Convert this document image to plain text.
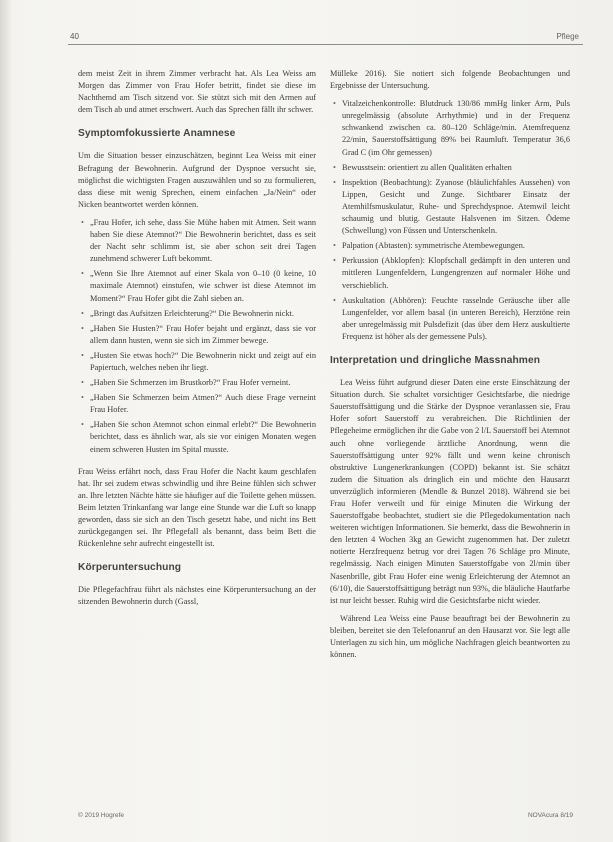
40	Pflege

dem meist Zeit in ihrem Zimmer verbracht hat. Als Lea Weiss am Morgen das Zimmer von Frau Hofer betritt, findet sie diese im Nachthemd am Tisch sitzend vor. Sie stützt sich mit den Armen auf dem Tisch ab und atmet erschwert. Auch das Sprechen fällt ihr schwer.

Symptomfokussierte Anamnese

Um die Situation besser einzuschätzen, beginnt Lea Weiss mit einer Befragung der Bewohnerin. Aufgrund der Dyspnoe versucht sie, möglichst die wichtigsten Fragen auszuwählen und so zu formulieren, dass diese mit wenig Sprechen, einem einfachen „Ja/Nein“ oder Nicken beantwortet werden können.

• „Frau Hofer, ich sehe, dass Sie Mühe haben mit Atmen. Seit wann haben Sie diese Atemnot?“ Die Bewohnerin berichtet, dass es seit der Nacht sehr schlimm ist, sie aber schon seit drei Tagen zunehmend schwerer Luft bekommt.
• „Wenn Sie Ihre Atemnot auf einer Skala von 0–10 (0 keine, 10 maximale Atemnot) einstufen, wie schwer ist diese Atemnot im Moment?“ Frau Hofer gibt die Zahl sieben an.
• „Bringt das Aufsitzen Erleichterung?“ Die Bewohnerin nickt.
• „Haben Sie Husten?“ Frau Hofer bejaht und ergänzt, dass sie vor allem dann husten, wenn sie sich im Zimmer bewege.
• „Husten Sie etwas hoch?“ Die Bewohnerin nickt und zeigt auf ein Papiertuch, welches neben ihr liegt.
• „Haben Sie Schmerzen im Brustkorb?“ Frau Hofer verneint.
• „Haben Sie Schmerzen beim Atmen?“ Auch diese Frage verneint Frau Hofer.
• „Haben Sie schon Atemnot schon einmal erlebt?“ Die Bewohnerin berichtet, dass es ähnlich war, als sie vor einigen Monaten wegen einem schweren Husten im Spital musste.

Frau Weiss erfährt noch, dass Frau Hofer die Nacht kaum geschlafen hat. Ihr sei zudem etwas schwindlig und ihre Beine fühlen sich schwer an. Ihre letzten Nächte hätte sie häufiger auf die Toilette gehen müssen. Beim letzten Trinkanfang war lange eine Stunde war die Luft so knapp geworden, dass sie sich an den Tisch gesetzt habe, und nicht ins Bett zurückgegangen sei. Ihr Pflegefall als benannt, dass beim Bett die Rückenlehne sehr aufrecht eingestellt ist.

Körperuntersuchung

Die Pflegefachfrau führt als nächstes eine Körperuntersuchung an der sitzenden Bewohnerin durch (Gassl,

Mülleke 2016). Sie notiert sich folgende Beobachtungen und Ergebnisse der Untersuchung.

• Vitalzeichenkontrolle: Blutdruck 130/86 mmHg linker Arm, Puls unregelmässig (absolute Arrhythmie) und in der Frequenz schwankend zwischen ca. 80–120 Schläge/min. Atemfrequenz 22/min, Sauerstoffsättigung 89% bei Raumluft. Temperatur 36,6 Grad C (im Ohr gemessen)
• Bewusstsein: orientiert zu allen Qualitäten erhalten
• Inspektion (Beobachtung): Zyanose (bläulichfahles Aussehen) von Lippen, Gesicht und Zunge. Sichtbarer Einsatz der Atemhilfsmuskulatur, Ruhe- und Sprechdyspnoe. Atemwil leicht schaumig und blutig. Gestaute Halsvenen im Sitzen. Ödeme (Schwellung) von Füssen und Unterschenkeln.
• Palpation (Abtasten): symmetrische Atembewegungen.
• Perkussion (Abklopfen): Klopfschall gedämpft in den unteren und mittleren Lungenfeldern, Lungengrenzen auf normaler Höhe und verschieblich.
• Auskultation (Abhören): Feuchte rasselnde Geräusche über alle Lungenfelder, vor allem basal (in unteren Bereich), Herztöne rein aber unregelmässig mit Pulsdefizit (das über dem Herz auskultierte Frequenz ist höher als der gemessene Puls).
Interpretation und dringliche Massnahmen

Lea Weiss führt aufgrund dieser Daten eine erste Einschätzung der Situation durch. Sie schaltet vorsichtiger Gesichtsfarbe, die niedrige Sauerstoffsättigung und die Stärke der Dyspnoe veranlassen sie, Frau Hofer sofort Sauerstoff zu verabreichen. Die Richtlinien der Pflegeheime ermöglichen ihr die Gabe von 2 l/L Sauerstoff bei Atemnot auch ohne vorliegende ärztliche Anordnung, wenn die Sauerstoffsättigung unter 92% fällt und wenn keine chronisch obstruktive Lungenerkrankungen (COPD) bekannt ist. Sie schätzt zudem die Situation als dringlich ein und möchte den Hausarzt unverzüglich informieren (Mendle & Bunzel 2018). Während sie bei Frau Hofer verweilt und für einige Minuten die Wirkung der Sauerstoffgabe beobachtet, studiert sie die Pflegedokumentation nach weiteren wichtigen Informationen. Sie bemerkt, dass die Bewohnerin in den letzten 4 Wochen 3kg an Gewicht zugenommen hat. Der zuletzt notierte Herzfrequenz betrug vor drei Tagen 76 Schläge pro Minute, regelmässig. Nach einigen Minuten Sauerstoffgabe von 2l/min über Nasenbrille, gibt Frau Hofer eine wenig Erleichterung der Atemnot an (6/10), die Sauerstoffsättigung beträgt nun 93%, die bläuliche Hautfarbe ist nur leicht besser. Ruhig wird die Gesichtsfarbe nicht wieder.

Während Lea Weiss eine Pause beauftragt bei der Bewohnerin zu bleiben, bereitet sie den Telefonanruf an den Hausarzt vor. Sie legt alle Unterlagen zu sich hin, um mögliche Nachfragen gleich beantworten zu können.

© 2019 Hogrefe	NOVAcura 8/19
